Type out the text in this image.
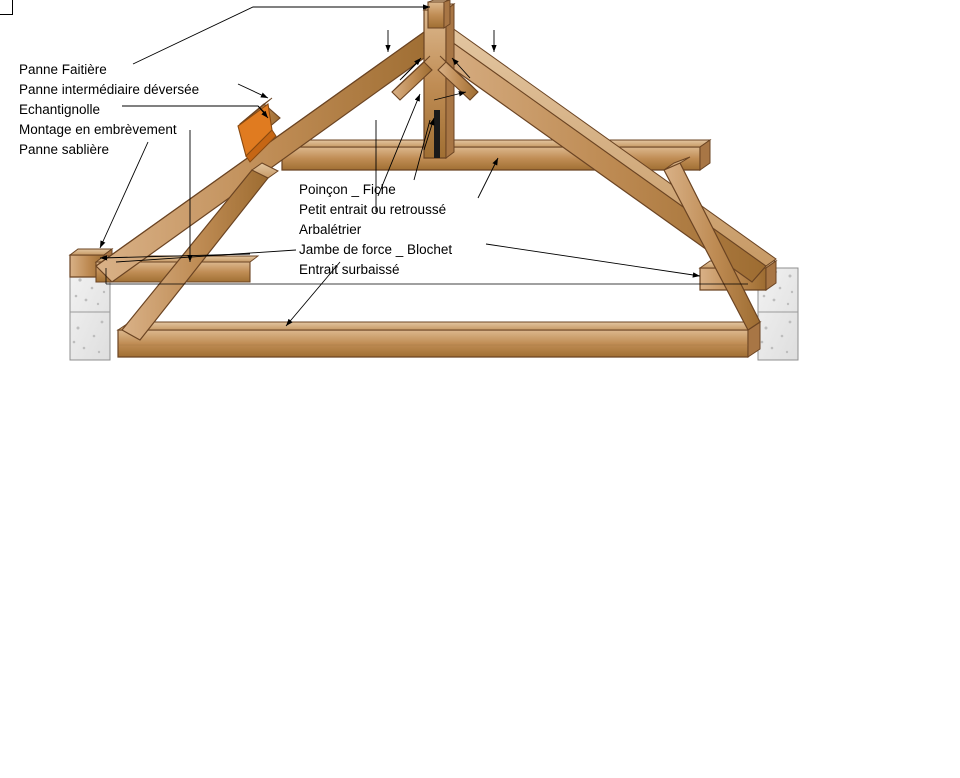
Panne Faitière
Panne intermédiaire déversée
Echantignolle
Montage en embrèvement
Panne sablière
Poinçon _ Fiche
Petit entrait ou retroussé
Arbalétrier
Jambe de force _ Blochet
Entrait surbaissé
